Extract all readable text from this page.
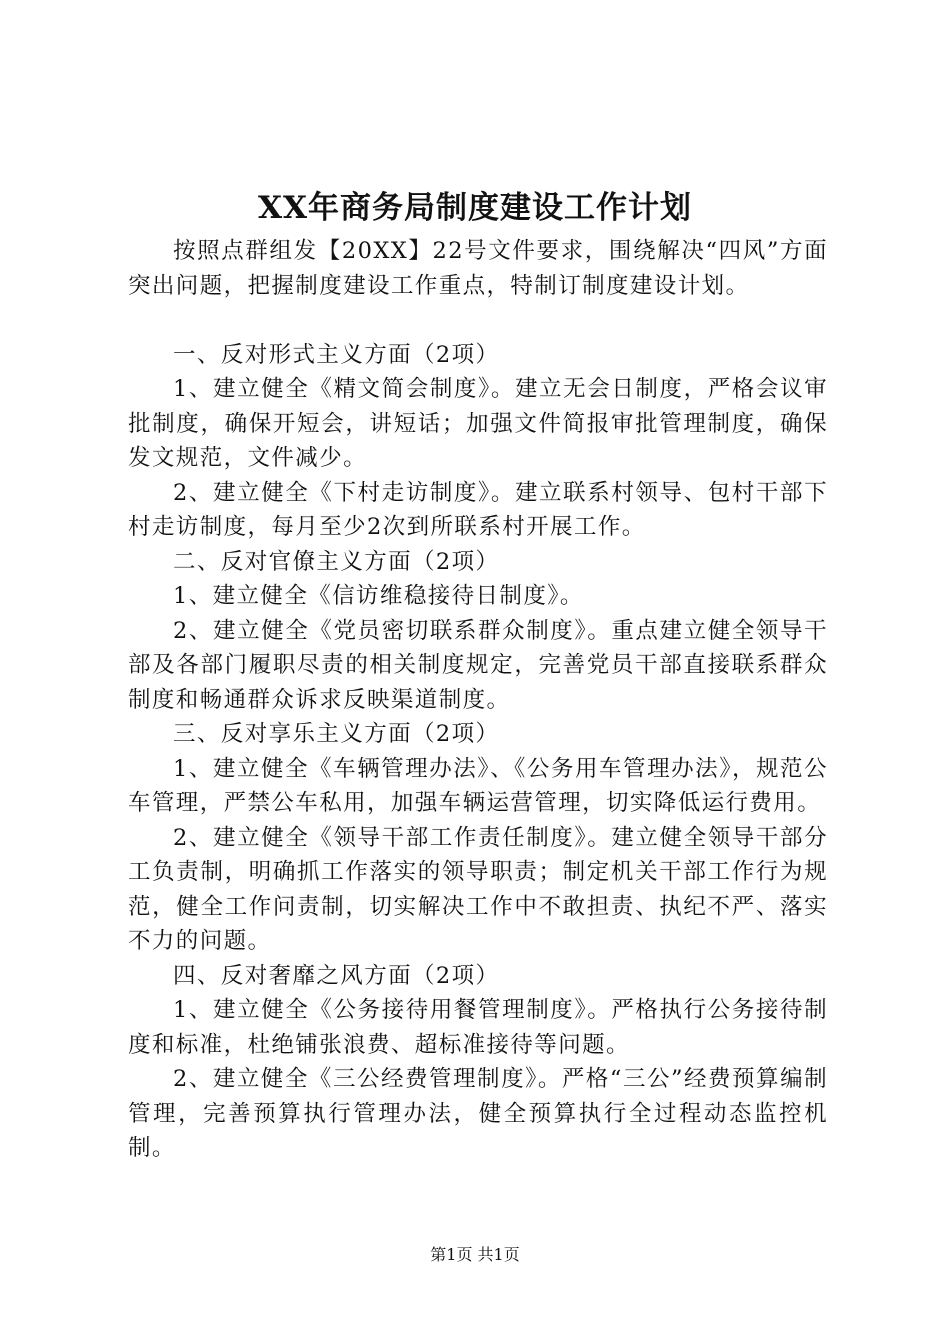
XX年商务局制度建设工作计划

按照点群组发【20XX】22号文件要求，围绕解决“四风”方面突出问题，把握制度建设工作重点，特制订制度建设计划。

一、反对形式主义方面（2项）

1、建立健全《精文简会制度》。建立无会日制度，严格会议审批制度，确保开短会，讲短话；加强文件简报审批管理制度，确保发文规范，文件减少。

2、建立健全《下村走访制度》。建立联系村领导、包村干部下村走访制度，每月至少2次到所联系村开展工作。

二、反对官僚主义方面（2项）

1、建立健全《信访维稳接待日制度》。

2、建立健全《党员密切联系群众制度》。重点建立健全领导干部及各部门履职尽责的相关制度规定，完善党员干部直接联系群众制度和畅通群众诉求反映渠道制度。

三、反对享乐主义方面（2项）

1、建立健全《车辆管理办法》、《公务用车管理办法》，规范公车管理，严禁公车私用，加强车辆运营管理，切实降低运行费用。

2、建立健全《领导干部工作责任制度》。建立健全领导干部分工负责制，明确抓工作落实的领导职责；制定机关干部工作行为规范，健全工作问责制，切实解决工作中不敢担责、执纪不严、落实不力的问题。

四、反对奢靡之风方面（2项）

1、建立健全《公务接待用餐管理制度》。严格执行公务接待制度和标准，杜绝铺张浪费、超标准接待等问题。

2、建立健全《三公经费管理制度》。严格“三公”经费预算编制管理，完善预算执行管理办法，健全预算执行全过程动态监控机制。

第1页 共1页
